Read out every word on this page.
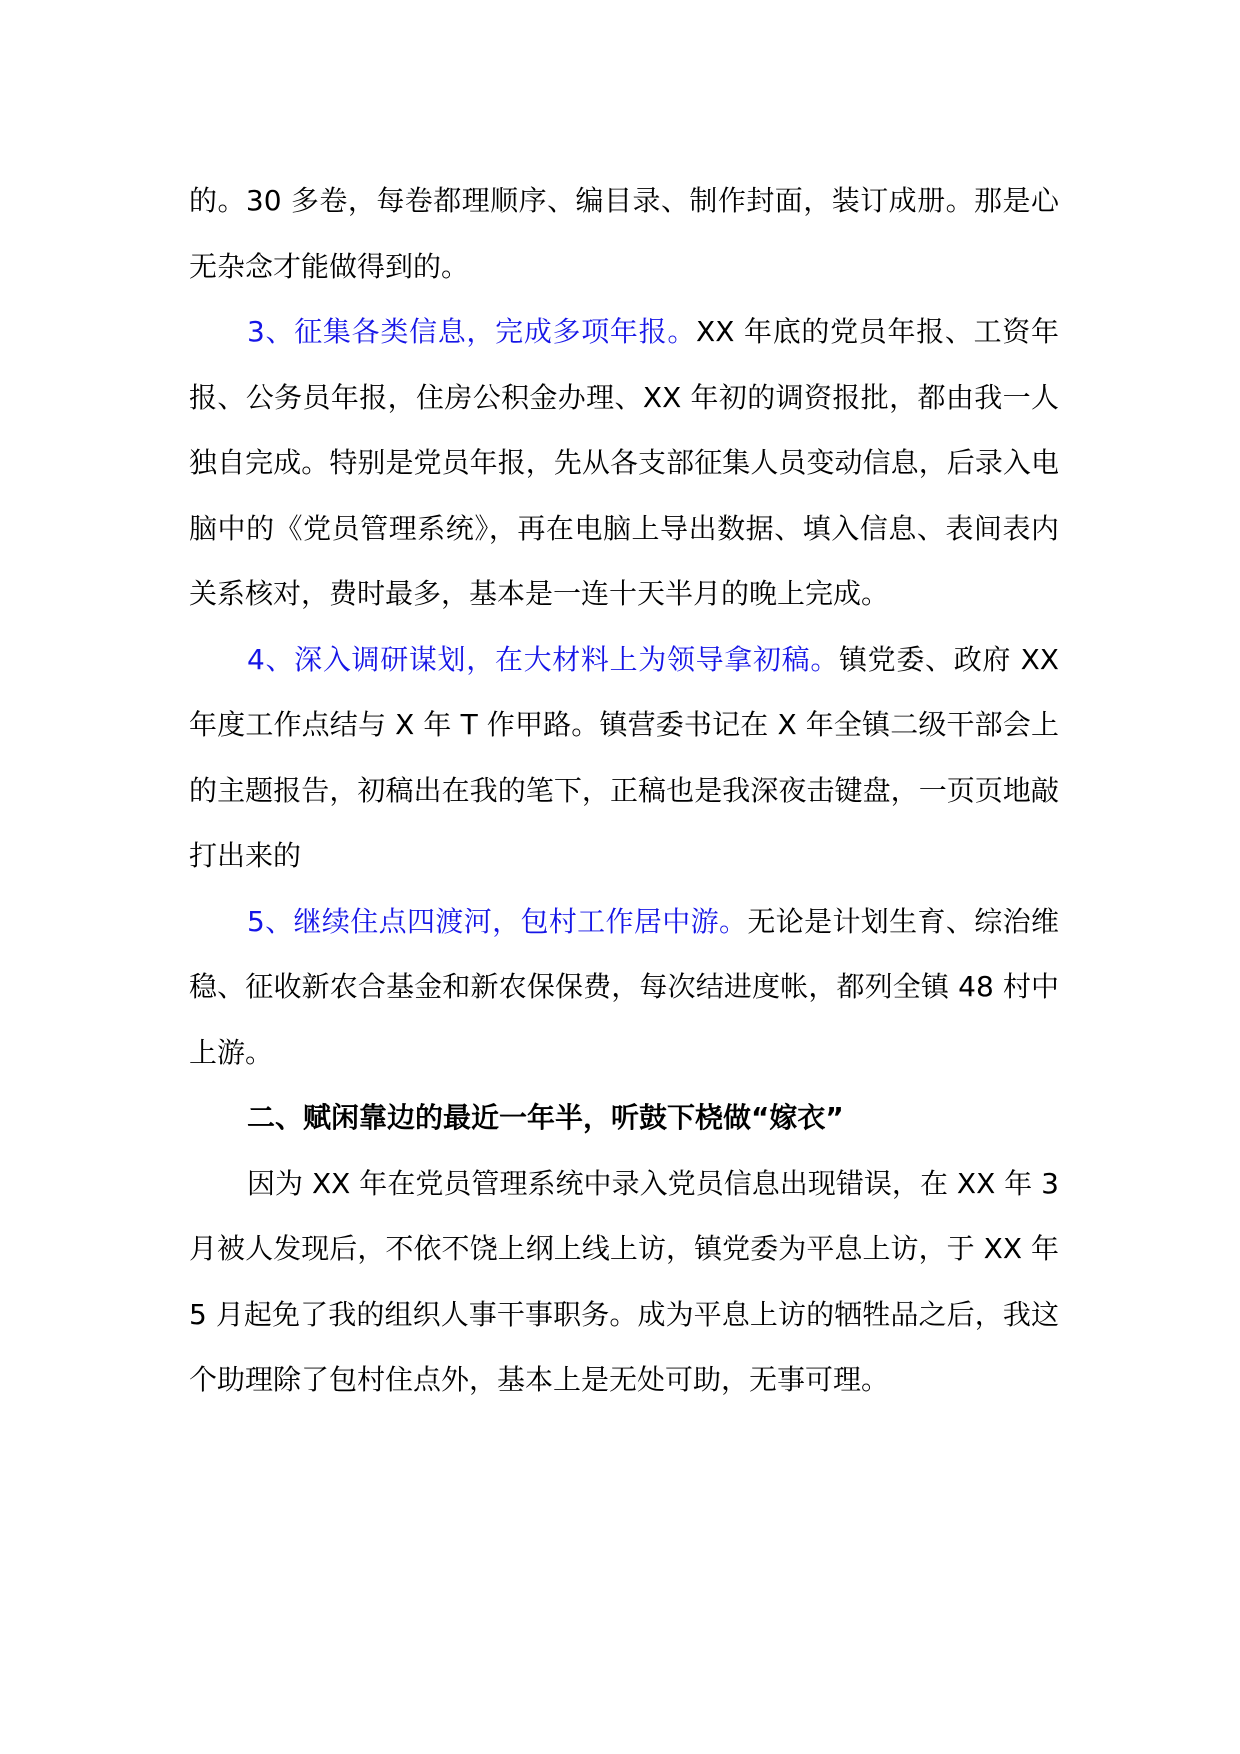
的。30 多卷，每卷都理顺序、编目录、制作封面，装订成册。那是心无杂念才能做得到的。

3、征集各类信息，完成多项年报。XX 年底的党员年报、工资年报、公务员年报，住房公积金办理、XX 年初的调资报批，都由我一人独自完成。特别是党员年报，先从各支部征集人员变动信息，后录入电脑中的《党员管理系统》，再在电脑上导出数据、填入信息、表间表内关系核对，费时最多，基本是一连十天半月的晚上完成。

4、深入调研谋划，在大材料上为领导拿初稿。镇党委、政府 XX 年度工作点结与 X 年 T 作甲路。镇营委书记在 X 年全镇二级干部会上的主题报告，初稿出在我的笔下，正稿也是我深夜击键盘，一页页地敲打出来的

5、继续住点四渡河，包村工作居中游。无论是计划生育、综治维稳、征收新农合基金和新农保保费，每次结进度帐，都列全镇 48 村中上游。

二、赋闲靠边的最近一年半，听鼓下桡做“嫁衣”

因为 XX 年在党员管理系统中录入党员信息出现错误，在 XX 年 3 月被人发现后，不依不饶上纲上线上访，镇党委为平息上访，于 XX 年 5 月起免了我的组织人事干事职务。成为平息上访的牺牲品之后，我这个助理除了包村住点外，基本上是无处可助，无事可理。
